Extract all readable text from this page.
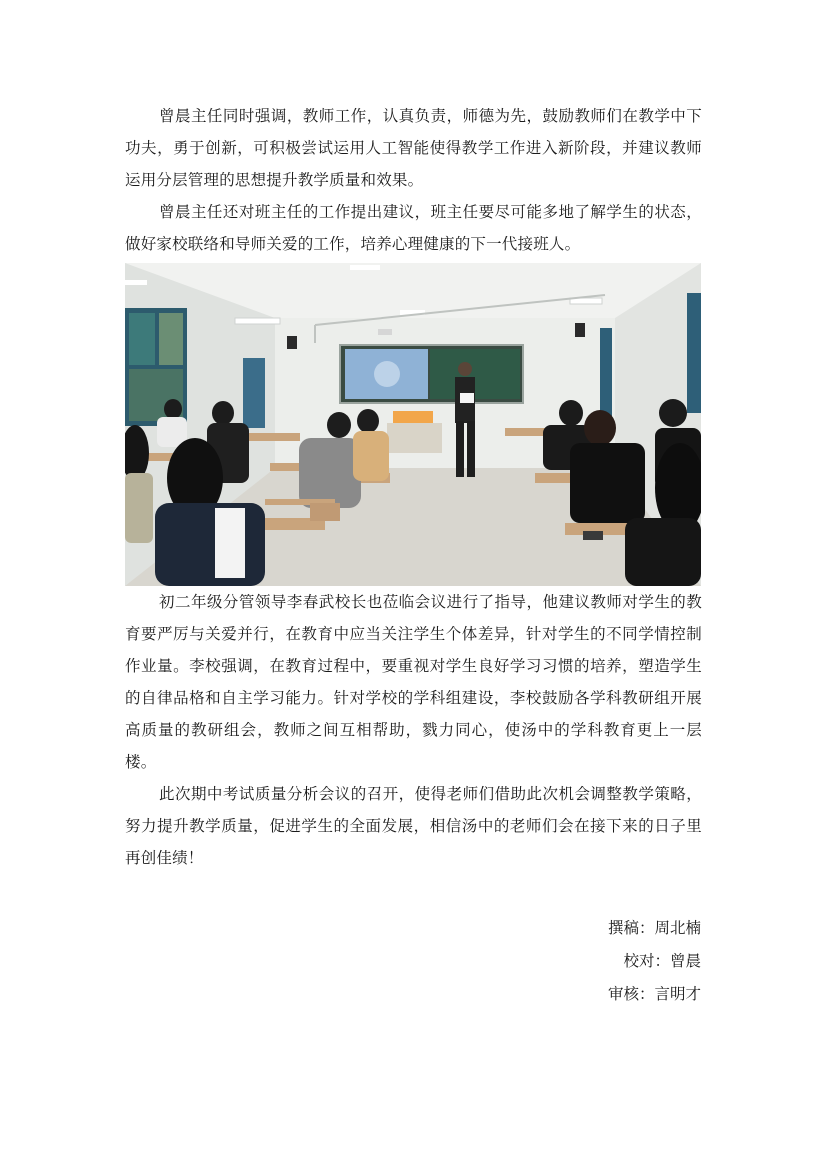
曾晨主任同时强调，教师工作，认真负责，师德为先，鼓励教师们在教学中下功夫，勇于创新，可积极尝试运用人工智能使得教学工作进入新阶段，并建议教师运用分层管理的思想提升教学质量和效果。

曾晨主任还对班主任的工作提出建议，班主任要尽可能多地了解学生的状态，做好家校联络和导师关爱的工作，培养心理健康的下一代接班人。

初二年级分管领导李春武校长也莅临会议进行了指导，他建议教师对学生的教育要严厉与关爱并行，在教育中应当关注学生个体差异，针对学生的不同学情控制作业量。李校强调，在教育过程中，要重视对学生良好学习习惯的培养，塑造学生的自律品格和自主学习能力。针对学校的学科组建设，李校鼓励各学科教研组开展高质量的教研组会，教师之间互相帮助，戮力同心，使汤中的学科教育更上一层楼。

此次期中考试质量分析会议的召开，使得老师们借助此次机会调整教学策略，努力提升教学质量，促进学生的全面发展，相信汤中的老师们会在接下来的日子里再创佳绩！

撰稿：周北楠
校对：曾晨
审核：言明才
